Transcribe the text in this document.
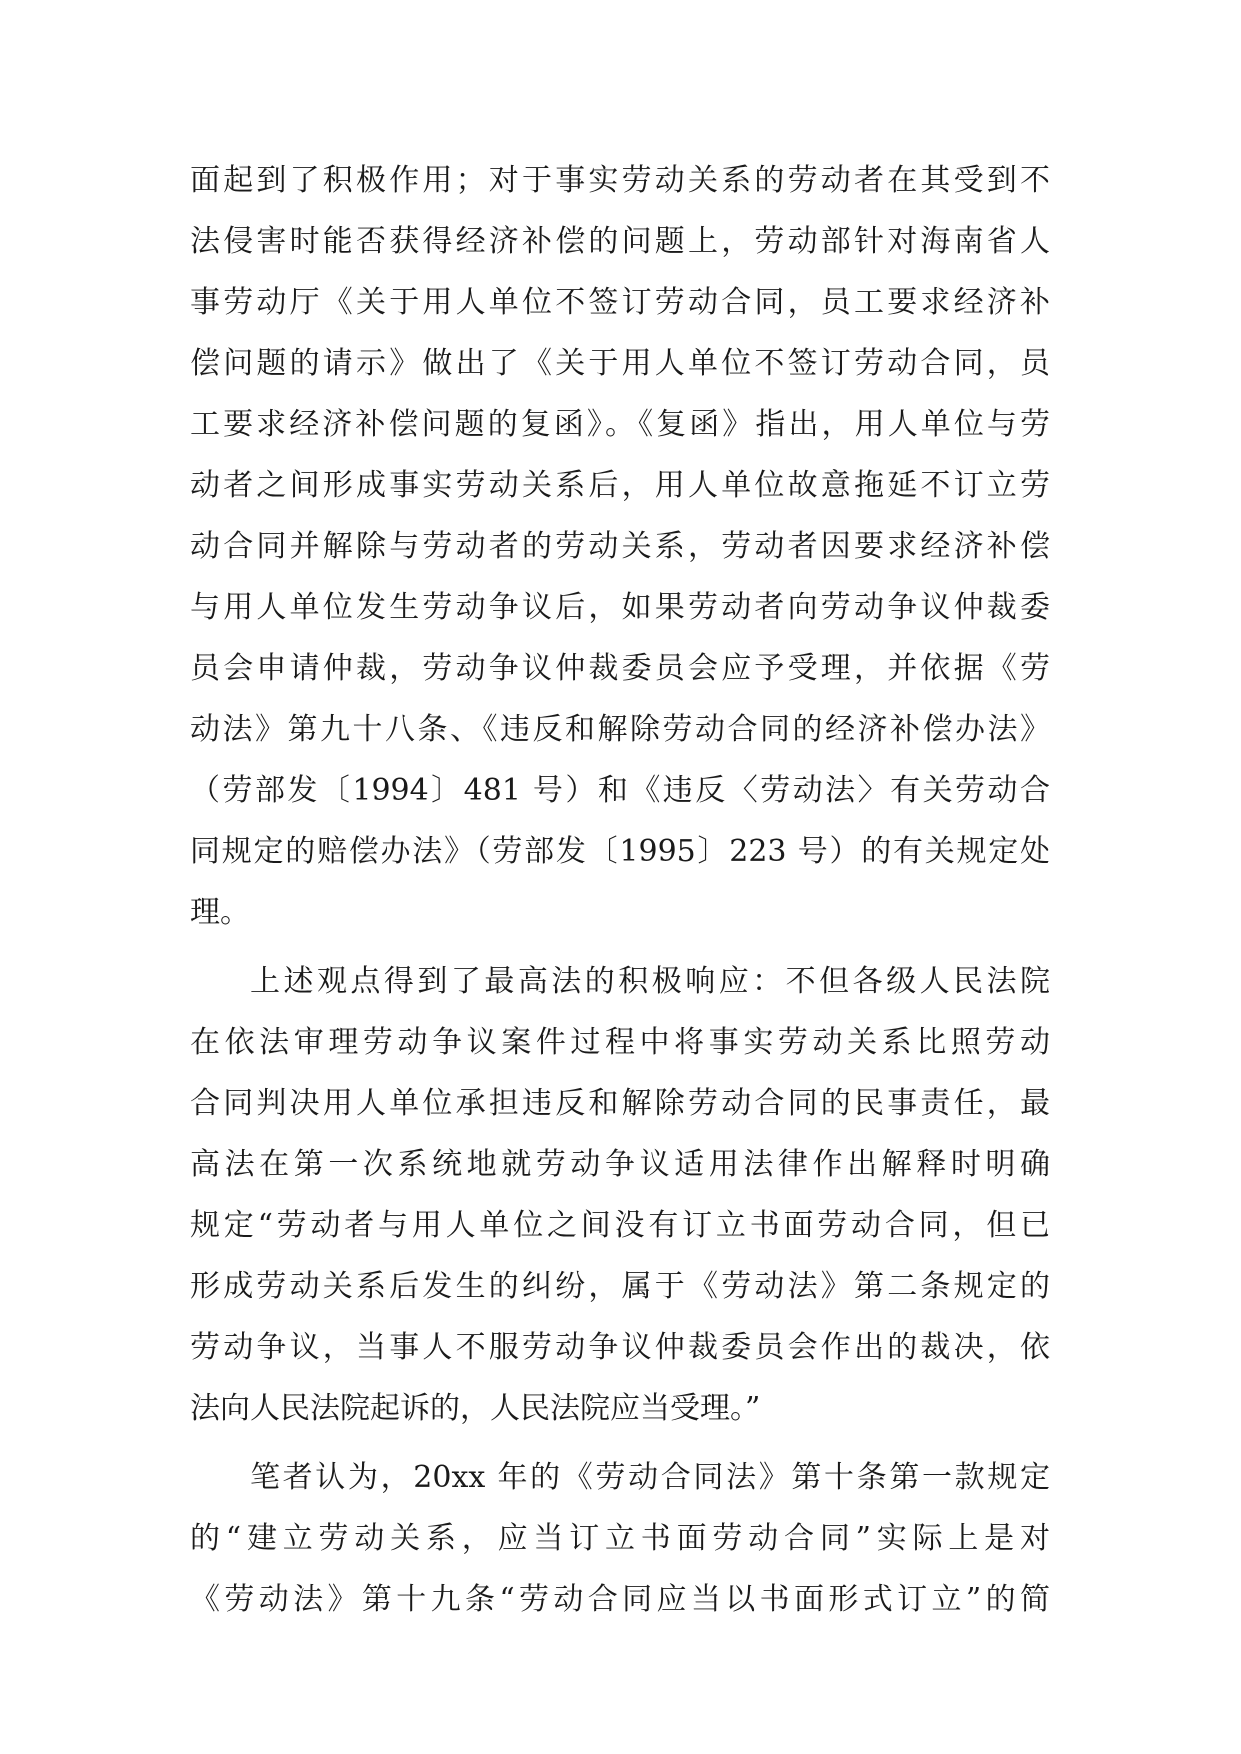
面起到了积极作用；对于事实劳动关系的劳动者在其受到不
法侵害时能否获得经济补偿的问题上，劳动部针对海南省人
事劳动厅《关于用人单位不签订劳动合同，员工要求经济补
偿问题的请示》做出了《关于用人单位不签订劳动合同，员
工要求经济补偿问题的复函》。《复函》指出，用人单位与劳
动者之间形成事实劳动关系后，用人单位故意拖延不订立劳
动合同并解除与劳动者的劳动关系，劳动者因要求经济补偿
与用人单位发生劳动争议后，如果劳动者向劳动争议仲裁委
员会申请仲裁，劳动争议仲裁委员会应予受理，并依据《劳
动法》第九十八条、《违反和解除劳动合同的经济补偿办法》
（劳部发〔1994〕481 号）和《违反〈劳动法〉有关劳动合
同规定的赔偿办法》（劳部发〔1995〕223 号）的有关规定处
理。
上述观点得到了最高法的积极响应：不但各级人民法院
在依法审理劳动争议案件过程中将事实劳动关系比照劳动
合同判决用人单位承担违反和解除劳动合同的民事责任，最
高法在第一次系统地就劳动争议适用法律作出解释时明确
规定“劳动者与用人单位之间没有订立书面劳动合同，但已
形成劳动关系后发生的纠纷，属于《劳动法》第二条规定的
劳动争议，当事人不服劳动争议仲裁委员会作出的裁决，依
法向人民法院起诉的，人民法院应当受理。”
笔者认为，20xx 年的《劳动合同法》第十条第一款规定
的“建立劳动关系，应当订立书面劳动合同”实际上是对
《劳动法》第十九条“劳动合同应当以书面形式订立”的简
